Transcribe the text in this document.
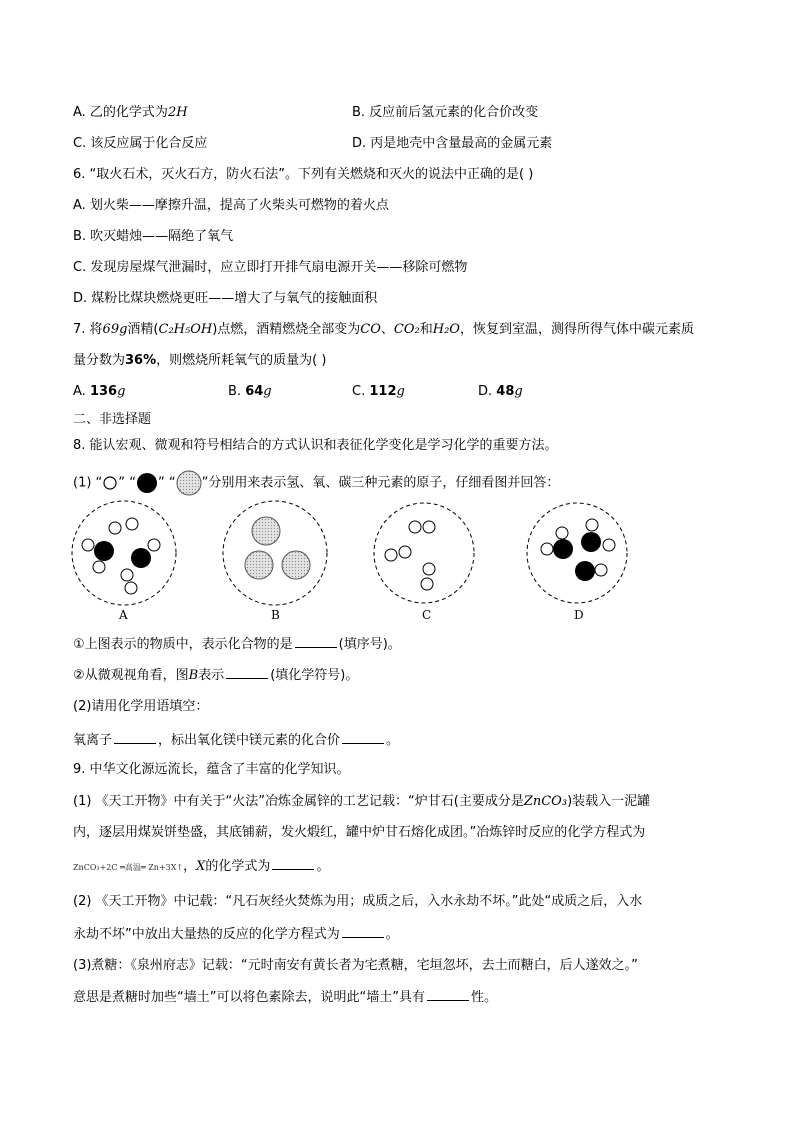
A. 乙的化学式为2H	B. 反应前后氢元素的化合价改变
C. 该反应属于化合反应	D. 丙是地壳中含量最高的金属元素
6. “取火石术，灭火石方，防火石法”。下列有关燃烧和灭火的说法中正确的是( )
A. 划火柴——摩擦升温，提高了火柴头可燃物的着火点
B. 吹灭蜡烛——隔绝了氧气
C. 发现房屋煤气泄漏时，应立即打开排气扇电源开关——移除可燃物
D. 煤粉比煤块燃烧更旺——增大了与氧气的接触面积
7. 将69g酒精(C₂H₅OH)点燃，酒精燃烧全部变为CO、CO₂和H₂O，恢复到室温，测得所得气体中碳元素质
量分数为36%，则燃烧所耗氧气的质量为( )
A. 136g	B. 64g	C. 112g	D. 48g
二、非选择题
8. 能认宏观、微观和符号相结合的方式认识和表征化学变化是学习化学的重要方法。
(1) “ ” “ ” “ ”分别用来表示氢、氧、碳三种元素的原子，仔细看图并回答：
A	B	C	D
①上图表示的物质中，表示化合物的是	(填序号)。
②从微观视角看，图B表示	(填化学符号)。
(2)请用化学用语填空：
氧离子	，标出氧化镁中镁元素的化合价	。
9. 中华文化源远流长，蕴含了丰富的化学知识。
(1) 《天工开物》中有关于“火法”冶炼金属锌的工艺记载：“炉甘石(主要成分是ZnCO₃)装载入一泥罐
内，逐层用煤炭饼垫盛，其底铺薪，发火煅红，罐中炉甘石熔化成团。”冶炼锌时反应的化学方程式为
ZnCO₃+2C ═高温═ Zn+3X↑，X的化学式为	。
(2) 《天工开物》中记载：“凡石灰经火焚炼为用；成质之后，入水永劫不坏。”此处“成质之后，入水
永劫不坏”中放出大量热的反应的化学方程式为	。
(3)煮糖：《泉州府志》记载：“元时南安有黄长者为宅煮糖，宅垣忽坏，去土而糖白，后人遂效之。”
意思是煮糖时加些“墙土”可以将色素除去，说明此“墙土”具有	性。
